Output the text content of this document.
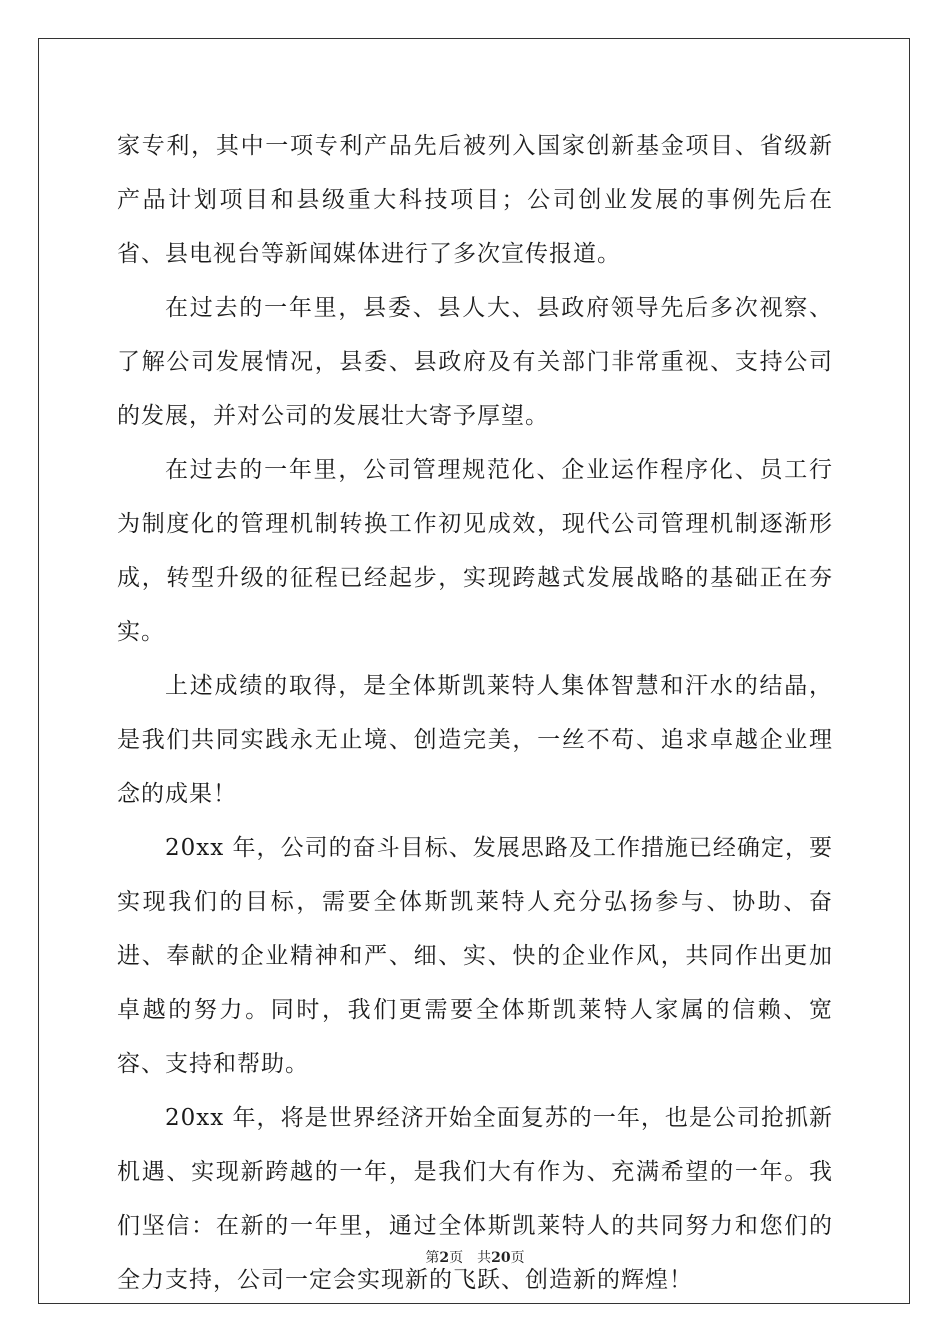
家专利，其中一项专利产品先后被列入国家创新基金项目、省级新产品计划项目和县级重大科技项目；公司创业发展的事例先后在省、县电视台等新闻媒体进行了多次宣传报道。

在过去的一年里，县委、县人大、县政府领导先后多次视察、了解公司发展情况，县委、县政府及有关部门非常重视、支持公司的发展，并对公司的发展壮大寄予厚望。

在过去的一年里，公司管理规范化、企业运作程序化、员工行为制度化的管理机制转换工作初见成效，现代公司管理机制逐渐形成，转型升级的征程已经起步，实现跨越式发展战略的基础正在夯实。

上述成绩的取得，是全体斯凯莱特人集体智慧和汗水的结晶，是我们共同实践永无止境、创造完美，一丝不苟、追求卓越企业理念的成果！

20xx 年，公司的奋斗目标、发展思路及工作措施已经确定，要实现我们的目标，需要全体斯凯莱特人充分弘扬参与、协助、奋进、奉献的企业精神和严、细、实、快的企业作风，共同作出更加卓越的努力。同时，我们更需要全体斯凯莱特人家属的信赖、宽容、支持和帮助。

20xx 年，将是世界经济开始全面复苏的一年，也是公司抢抓新机遇、实现新跨越的一年，是我们大有作为、充满希望的一年。我们坚信：在新的一年里，通过全体斯凯莱特人的共同努力和您们的全力支持，公司一定会实现新的飞跃、创造新的辉煌！

第2页 共20页
